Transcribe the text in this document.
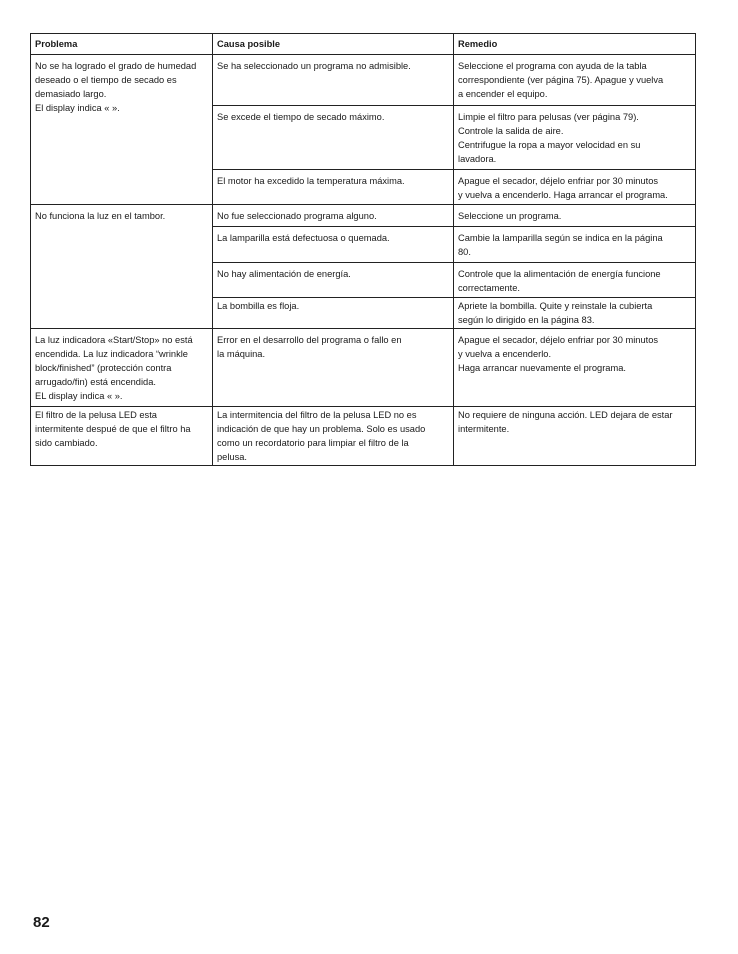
Problema	Causa posible	Remedio

No se ha logrado el grado de humedad
deseado o el tiempo de secado es
demasiado largo.
El display indica « ».	Se ha seleccionado un programa no admisible.	Seleccione el programa con ayuda de la tabla
correspondiente (ver página 75). Apague y vuelva
a encender el equipo.

	Se excede el tiempo de secado máximo.	Limpie el filtro para pelusas (ver página 79).
Controle la salida de aire.
Centrifugue la ropa a mayor velocidad en su
lavadora.

	El motor ha excedido la temperatura máxima.	Apague el secador, déjelo enfriar por 30 minutos
y vuelva a encenderlo. Haga arrancar el programa.

No funciona la luz en el tambor.	No fue seleccionado programa alguno.	Seleccione un programa.

	La lamparilla está defectuosa o quemada.	Cambie la lamparilla según se indica en la página
80.

	No hay alimentación de energía.	Controle que la alimentación de energía funcione
correctamente.

	La bombilla es floja.	Apriete la bombilla. Quite y reinstale la cubierta
según lo dirigido en la página 83.

La luz indicadora «Start/Stop» no está
encendida. La luz indicadora “wrinkle
block/finished” (protección contra
arrugado/fin) está encendida.
EL display indica « ».	Error en el desarrollo del programa o fallo en
la máquina.	Apague el secador, déjelo enfriar por 30 minutos
y vuelva a encenderlo.
Haga arrancar nuevamente el programa.

El filtro de la pelusa LED esta
intermitente despué de que el filtro ha
sido cambiado.	La intermitencia del filtro de la pelusa LED no es
indicación de que hay un problema. Solo es usado
como un recordatorio para limpiar el filtro de la
pelusa.	No requiere de ninguna acción. LED dejara de estar
intermitente.
82
